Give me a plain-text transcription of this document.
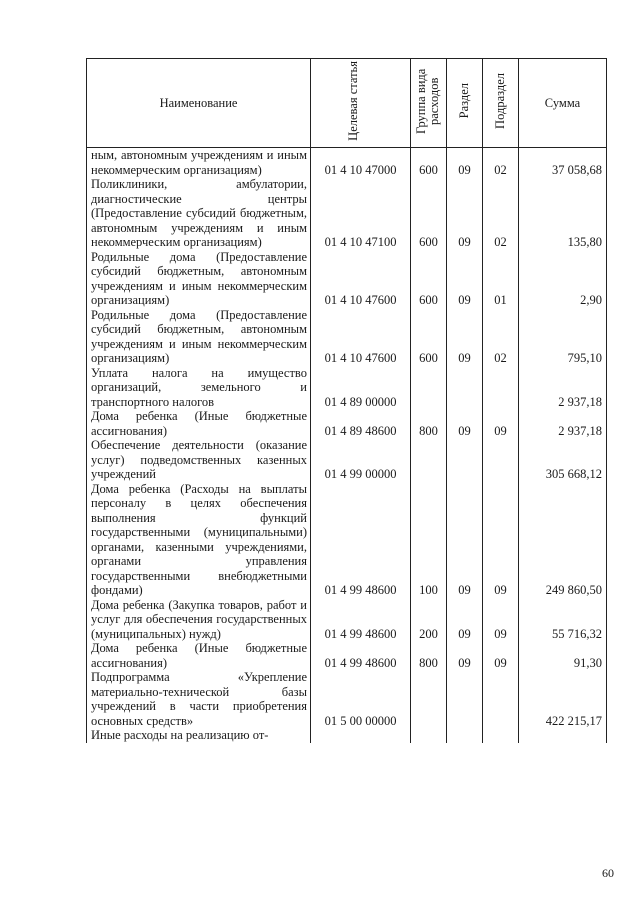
Наименование	Целевая статья	Группа вида расходов	Раздел	Подраздел	Сумма

ным, автономным учреждениям и иным некоммерческим организациям)	01 4 10 47000	600	09	02	37 058,68

Поликлиники, амбулатории, диагностические центры (Предоставление субсидий бюджетным, автономным учреждениям и иным некоммерческим организациям)	01 4 10 47100	600	09	02	135,80

Родильные дома (Предоставление субсидий бюджетным, автономным учреждениям и иным некоммерческим организациям)	01 4 10 47600	600	09	01	2,90

Родильные дома (Предоставление субсидий бюджетным, автономным учреждениям и иным некоммерческим организациям)	01 4 10 47600	600	09	02	795,10

Уплата налога на имущество организаций, земельного и транспортного налогов	01 4 89 00000				2 937,18

Дома ребенка (Иные бюджетные ассигнования)	01 4 89 48600	800	09	09	2 937,18

Обеспечение деятельности (оказание услуг) подведомственных казенных учреждений	01 4 99 00000				305 668,12

Дома ребенка (Расходы на выплаты персоналу в целях обеспечения выполнения функций государственными (муниципальными) органами, казенными учреждениями, органами управления государственными внебюджетными фондами)	01 4 99 48600	100	09	09	249 860,50

Дома ребенка (Закупка товаров, работ и услуг для обеспечения государственных (муниципальных) нужд)	01 4 99 48600	200	09	09	55 716,32

Дома ребенка (Иные бюджетные ассигнования)	01 4 99 48600	800	09	09	91,30

Подпрограмма «Укрепление материально-технической базы учреждений в части приобретения основных средств»	01 5 00 00000				422 215,17

Иные расходы на реализацию от-					

60
